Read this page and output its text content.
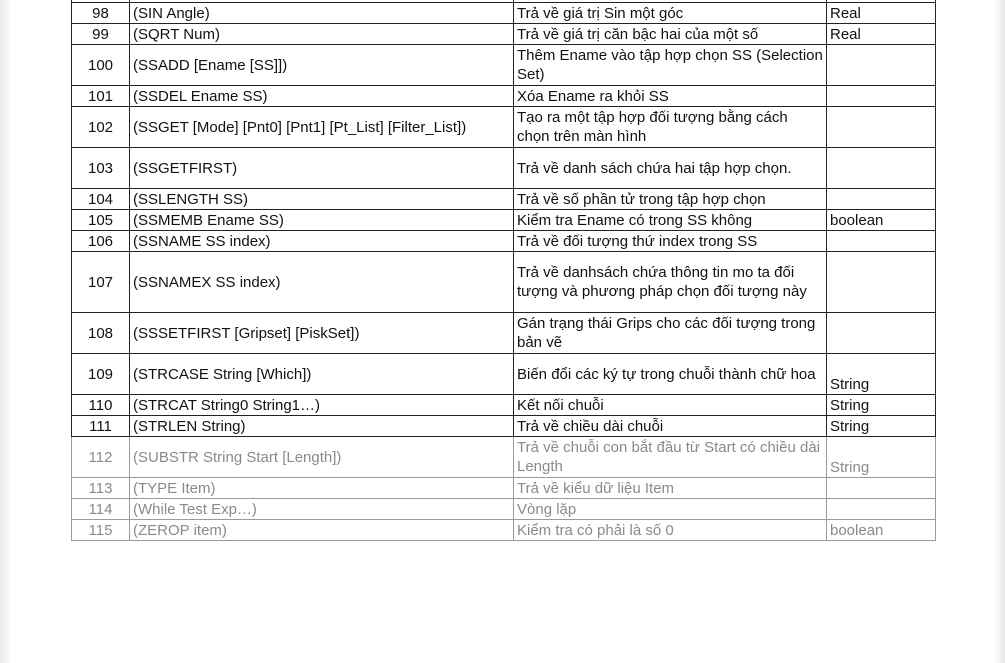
98	(SIN Angle)	Trả về giá trị Sin một góc	Real
99	(SQRT Num)	Trả về giá trị căn bậc hai của một số	Real
100	(SSADD [Ename [SS]])	Thêm Ename vào tập hợp chọn SS (Selection Set)	
101	(SSDEL Ename SS)	Xóa Ename ra khỏi SS	
102	(SSGET [Mode] [Pnt0] [Pnt1] [Pt_List] [Filter_List])	Tạo ra một tập hợp đối tượng bằng cách chọn trên màn hình	
103	(SSGETFIRST)	Trả về danh sách chứa hai tập hợp chọn.	
104	(SSLENGTH SS)	Trả về số phần tử trong tập hợp chọn	
105	(SSMEMB Ename SS)	Kiểm tra Ename có trong SS không	boolean
106	(SSNAME SS index)	Trả về đối tượng thứ index trong SS	
107	(SSNAMEX SS index)	Trả về danhsách chứa thông tin mo ta đối tượng và phương pháp chọn đối tượng này	
108	(SSSETFIRST [Gripset] [PiskSet])	Gán trạng thái Grips cho các đối tượng trong bản vẽ	
109	(STRCASE String [Which])	Biến đổi các ký tự trong chuỗi thành chữ hoa	String
110	(STRCAT String0 String1…)	Kết nối chuỗi	String
111	(STRLEN String)	Trả về chiều dài chuỗi	String
112	(SUBSTR String Start [Length])	Trả về chuỗi con bắt đầu từ Start có chiều dài Length	String
113	(TYPE Item)	Trả về kiểu dữ liệu Item	
114	(While Test Exp…)	Vòng lặp	
115	(ZEROP item)	Kiểm tra có phải là số 0	boolean
